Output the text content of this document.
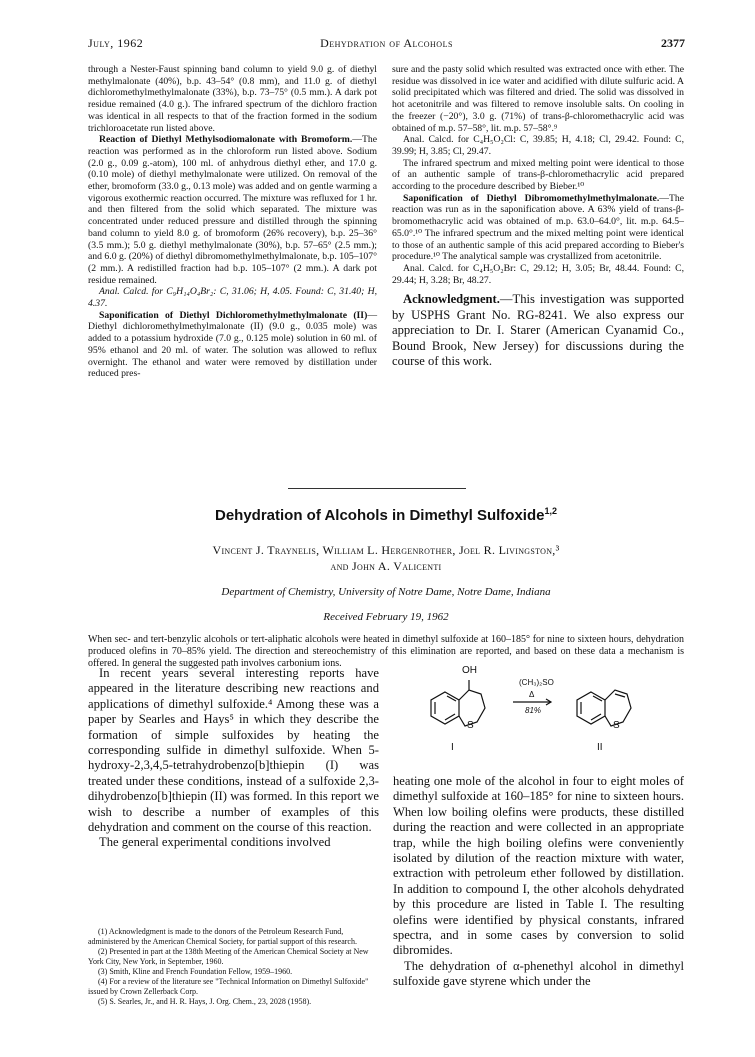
July, 1962	Dehydration of Alcohols	2377

through a Nester-Faust spinning band column to yield 9.0 g. of diethyl methylmalonate (40%), b.p. 43–54° (0.8 mm), and 11.0 g. of diethyl dichloromethylmethylmalonate (33%), b.p. 73–75° (0.5 mm.). A dark pot residue remained (4.0 g.). The infrared spectrum of the dichloro fraction was identical in all respects to that of the fraction formed in the sodium trichloroacetate run listed above.

Reaction of Diethyl Methylsodiomalonate with Bromoform.—The reaction was performed as in the chloroform run listed above. Sodium (2.0 g., 0.09 g.-atom), 100 ml. of anhydrous diethyl ether, and 17.0 g. (0.10 mole) of diethyl methylmalonate were utilized. On removal of the ether, bromoform (33.0 g., 0.13 mole) was added and on gentle warming a vigorous exothermic reaction occurred. The mixture was refluxed for 1 hr. and then filtered from the solid which separated. The mixture was concentrated under reduced pressure and distilled through the spinning band column to yield 8.0 g. of bromoform (26% recovery), b.p. 25–36° (3.5 mm.); 5.0 g. diethyl methylmalonate (30%), b.p. 57–65° (2.5 mm.); and 6.0 g. (20%) of diethyl dibromomethylmethylmalonate, b.p. 105–107° (2 mm.). A redistilled fraction had b.p. 105–107° (2 mm.). A dark pot residue remained.

Anal. Calcd. for C₉H₁₄O₄Br₂: C, 31.06; H, 4.05. Found: C, 31.40; H, 4.37.

Saponification of Diethyl Dichloromethylmethylmalonate (II)—Diethyl dichloromethylmethylmalonate (II) (9.0 g., 0.035 mole) was added to a potassium hydroxide (7.0 g., 0.125 mole) solution in 60 ml. of 95% ethanol and 20 ml. of water. The solution was allowed to reflux overnight. The ethanol and water were removed by distillation under reduced pres-

sure and the pasty solid which resulted was extracted once with ether. The residue was dissolved in ice water and acidified with dilute sulfuric acid. A solid precipitated which was filtered and dried. The solid was dissolved in hot acetonitrile and was filtered to remove insoluble salts. On cooling in the freezer (−20°), 3.0 g. (71%) of trans-β-chloromethacrylic acid was obtained of m.p. 57–58°, lit. m.p. 57–58°.⁹

Anal. Calcd. for C₄H₅O₂Cl: C, 39.85; H, 4.18; Cl, 29.42. Found: C, 39.99; H, 3.85; Cl, 29.47.

The infrared spectrum and mixed melting point were identical to those of an authentic sample of trans-β-chloromethacrylic acid prepared according to the procedure described by Bieber.¹⁰

Saponification of Diethyl Dibromomethylmethylmalonate.—The reaction was run as in the saponification above. A 63% yield of trans-β-bromomethacrylic acid was obtained of m.p. 63.0–64.0°, lit. m.p. 64.5–65.0°.¹⁰ The infrared spectrum and the mixed melting point were identical to those of an authentic sample of this acid prepared according to Bieber's procedure.¹⁰ The analytical sample was crystallized from acetonitrile.

Anal. Calcd. for C₄H₅O₂Br: C, 29.12; H, 3.05; Br, 48.44. Found: C, 29.44; H, 3.28; Br, 48.27.

Acknowledgment.—This investigation was supported by USPHS Grant No. RG-8241. We also express our appreciation to Dr. I. Starer (American Cyanamid Co., Bound Brook, New Jersey) for discussions during the course of this work.

Dehydration of Alcohols in Dimethyl Sulfoxide$^{1,2}$
Vincent J. Traynelis, William L. Hergenrother, Joel R. Livingston,³
and John A. Valicenti
Department of Chemistry, University of Notre Dame, Notre Dame, Indiana
Received February 19, 1962
When sec- and tert-benzylic alcohols or tert-aliphatic alcohols were heated in dimethyl sulfoxide at 160–185° for nine to sixteen hours, dehydration produced olefins in 70–85% yield. The direction and stereochemistry of this elimination are reported, and based on these data a mechanism is offered. In general the suggested path involves carbonium ions.

In recent years several interesting reports have appeared in the literature describing new reactions and applications of dimethyl sulfoxide.⁴ Among these was a paper by Searles and Hays⁵ in which they describe the formation of simple sulfoxides by heating the corresponding sulfide in dimethyl sulfoxide. When 5-hydroxy-2,3,4,5-tetrahydrobenzo[b]thiepin (I) was treated under these conditions, instead of a sulfoxide 2,3-dihydrobenzo[b]thiepin (II) was formed. In this report we wish to describe a number of examples of this dehydration and comment on the course of this reaction.

The general experimental conditions involved

(1) Acknowledgment is made to the donors of the Petroleum Research Fund, administered by the American Chemical Society, for partial support of this research.
(2) Presented in part at the 138th Meeting of the American Chemical Society at New York City, New York, in September, 1960.
(3) Smith, Kline and French Foundation Fellow, 1959–1960.
(4) For a review of the literature see "Technical Information on Dimethyl Sulfoxide" issued by Crown Zellerback Corp.
(5) S. Searles, Jr., and H. R. Hays, J. Org. Chem., 23, 2028 (1958).
OH
S
(CH₃)₂SO
Δ
81%
S
I	II

heating one mole of the alcohol in four to eight moles of dimethyl sulfoxide at 160–185° for nine to sixteen hours. When low boiling olefins were products, these distilled during the reaction and were collected in an appropriate trap, while the high boiling olefins were conveniently isolated by dilution of the reaction mixture with water, extraction with petroleum ether followed by distillation. In addition to compound I, the other alcohols dehydrated by this procedure are listed in Table I. The resulting olefins were identified by physical constants, infrared spectra, and in some cases by conversion to solid dibromides.

The dehydration of α-phenethyl alcohol in dimethyl sulfoxide gave styrene which under the
